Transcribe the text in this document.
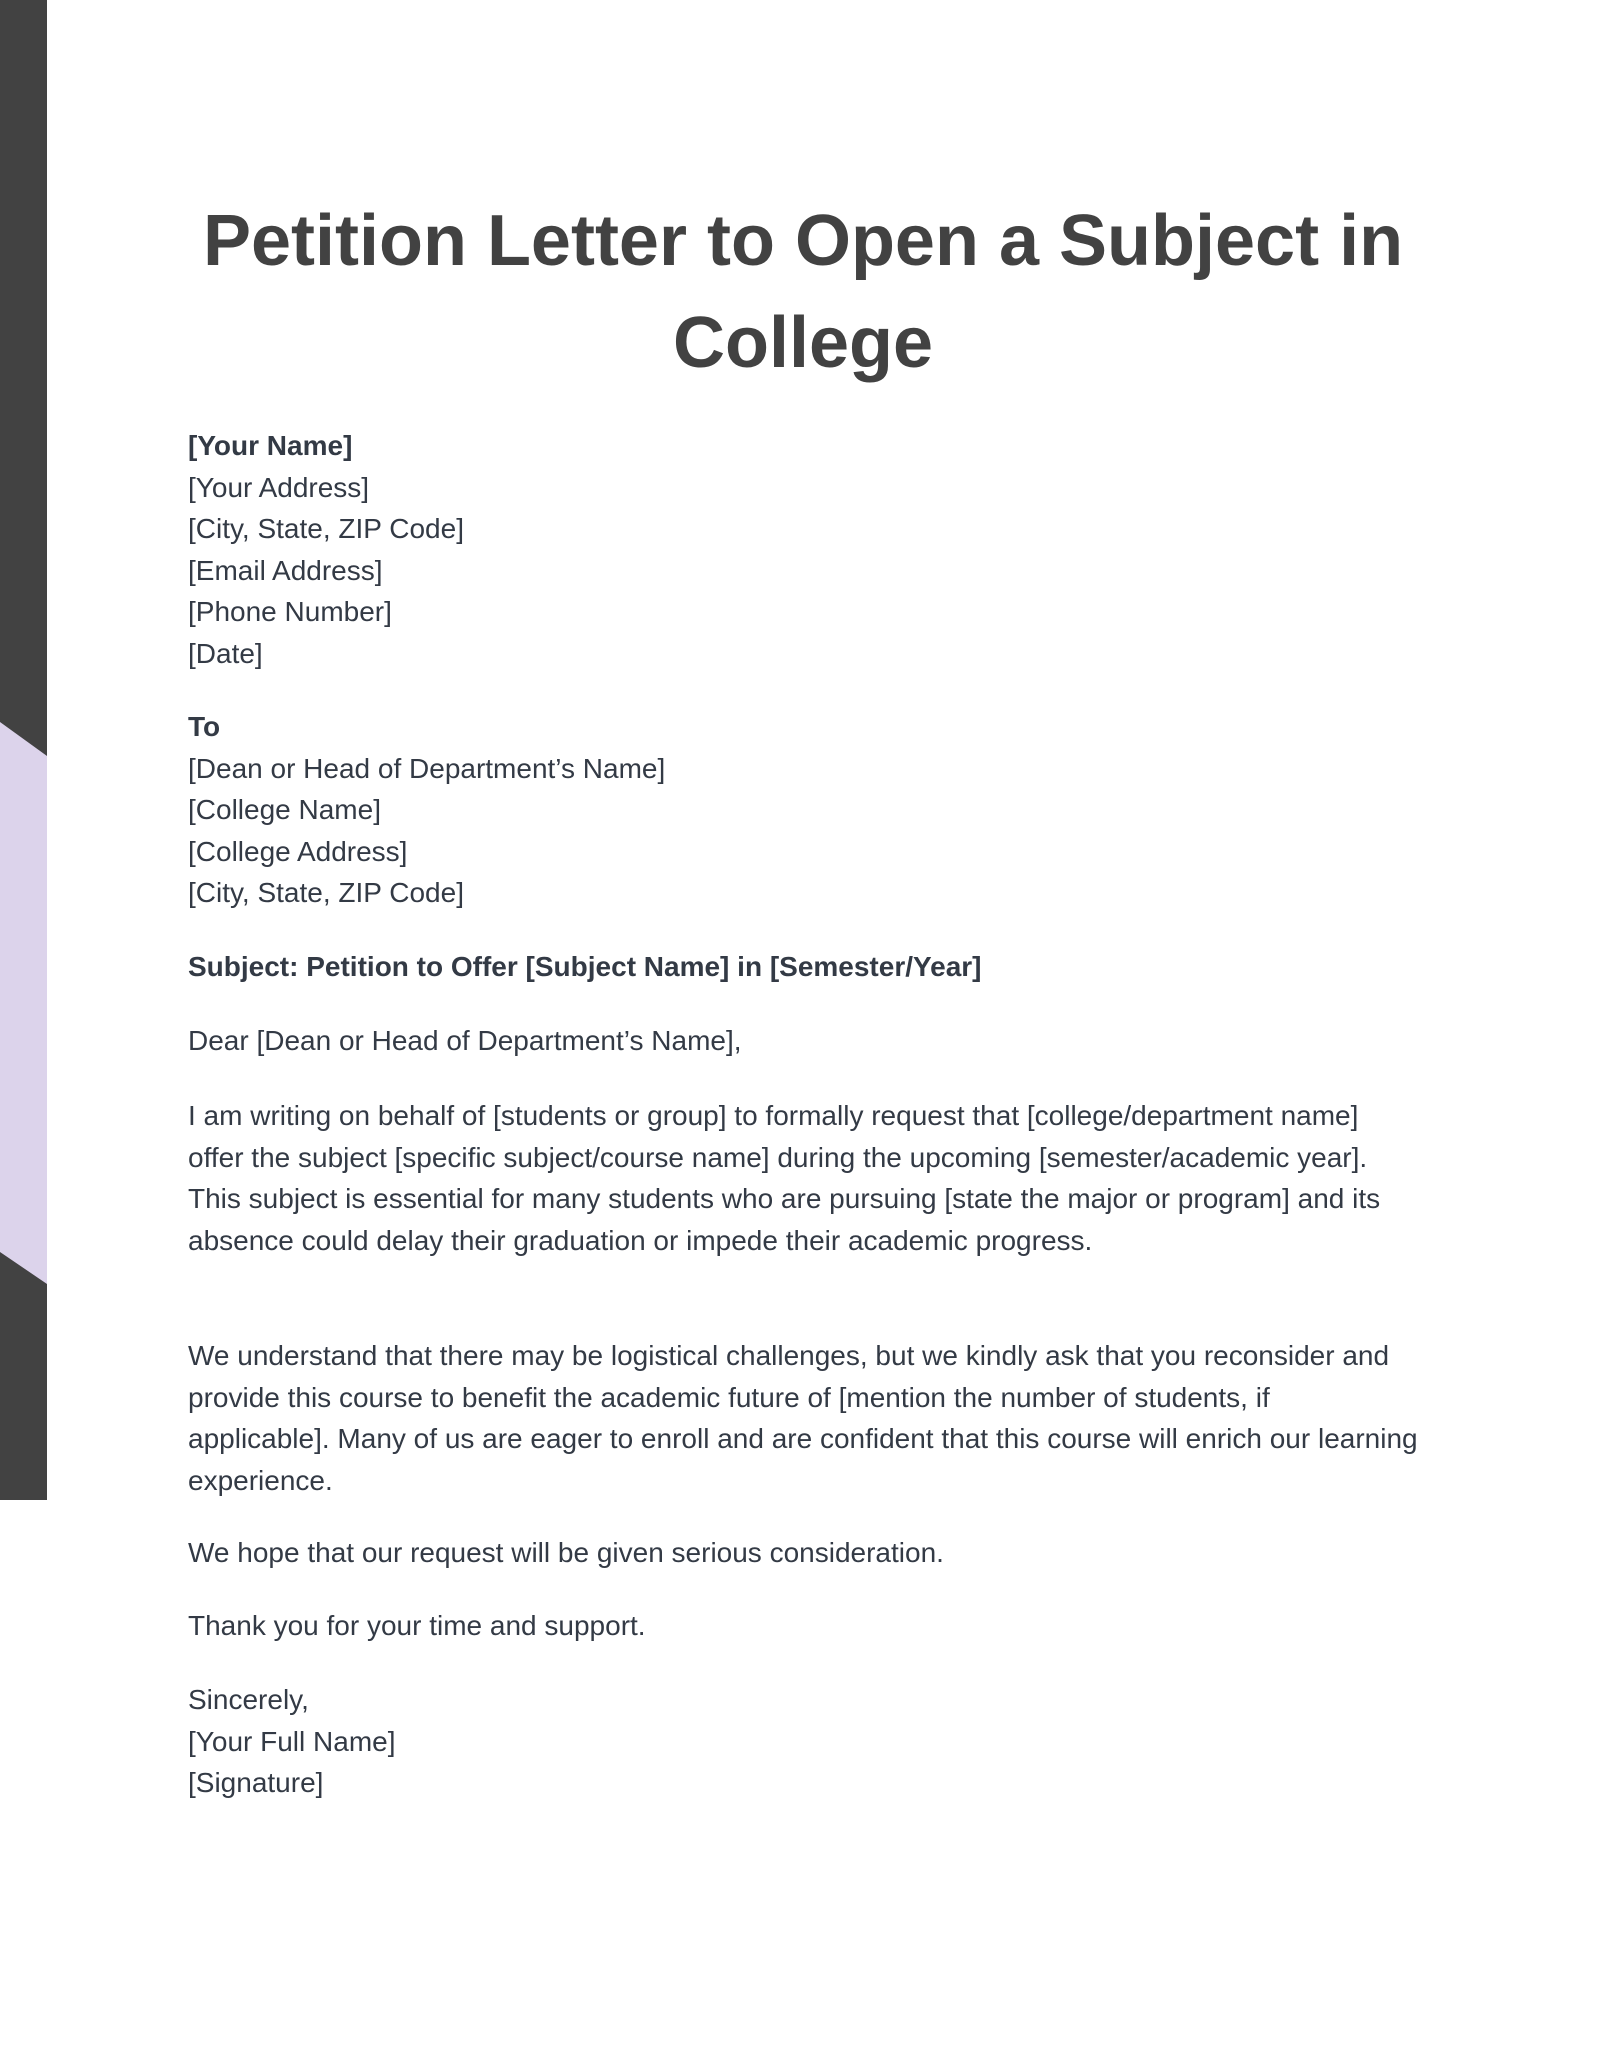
Petition Letter to Open a Subject in College
[Your Name]
[Your Address]
[City, State, ZIP Code]
[Email Address]
[Phone Number]
[Date]
To
[Dean or Head of Department’s Name]
[College Name]
[College Address]
[City, State, ZIP Code]
Subject: Petition to Offer [Subject Name] in [Semester/Year]
Dear [Dean or Head of Department’s Name],

I am writing on behalf of [students or group] to formally request that [college/department name] offer the subject [specific subject/course name] during the upcoming [semester/academic year]. This subject is essential for many students who are pursuing [state the major or program] and its absence could delay their graduation or impede their academic progress.

We understand that there may be logistical challenges, but we kindly ask that you reconsider and provide this course to benefit the academic future of [mention the number of students, if applicable]. Many of us are eager to enroll and are confident that this course will enrich our learning experience.

We hope that our request will be given serious consideration.

Thank you for your time and support.

Sincerely,
[Your Full Name]
[Signature]
